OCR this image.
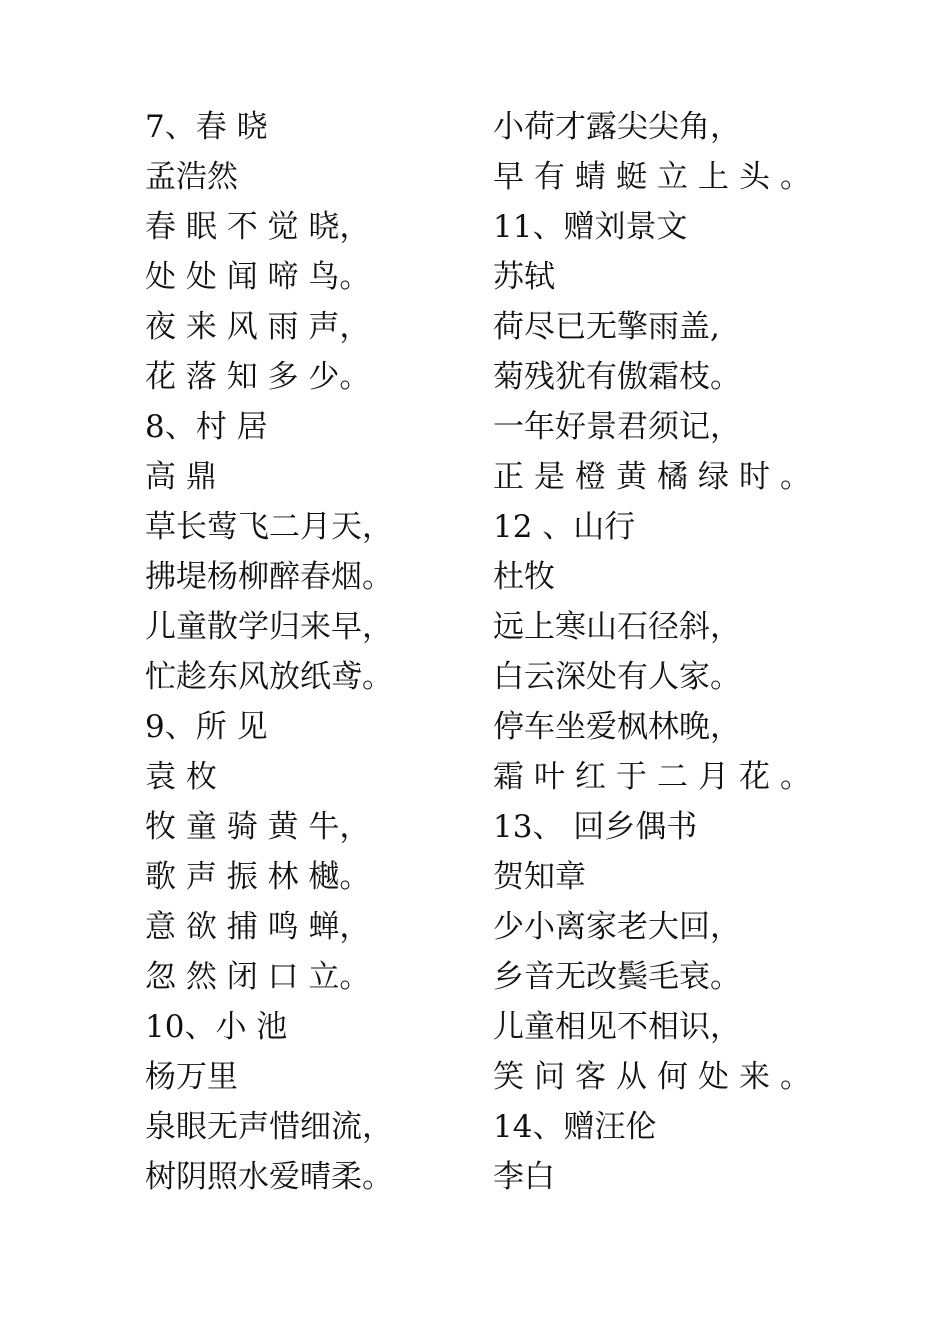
7、春 晓
孟浩然
春 眠 不 觉 晓，
处 处 闻 啼 鸟。
夜 来 风 雨 声，
花 落 知 多 少。
8、村 居
高 鼎
草长莺飞二月天，
拂堤杨柳醉春烟。
儿童散学归来早，
忙趁东风放纸鸢。
9、所 见
袁 枚
牧 童 骑 黄 牛，
歌 声 振 林 樾。
意 欲 捕 鸣 蝉，
忽 然 闭 口 立。
10、小 池
杨万里
泉眼无声惜细流，
树阴照水爱晴柔。
小荷才露尖尖角，
早有蜻蜓立上头。
11、赠刘景文
苏轼
荷尽已无擎雨盖,
菊残犹有傲霜枝。
一年好景君须记，
正是橙黄橘绿时。
12 、山行
杜牧
远上寒山石径斜，
白云深处有人家。
停车坐爱枫林晚，
霜叶红于二月花。
13、 回乡偶书
贺知章
少小离家老大回，
乡音无改鬓毛衰。
儿童相见不相识，
笑问客从何处来。
14、赠汪伦
李白
